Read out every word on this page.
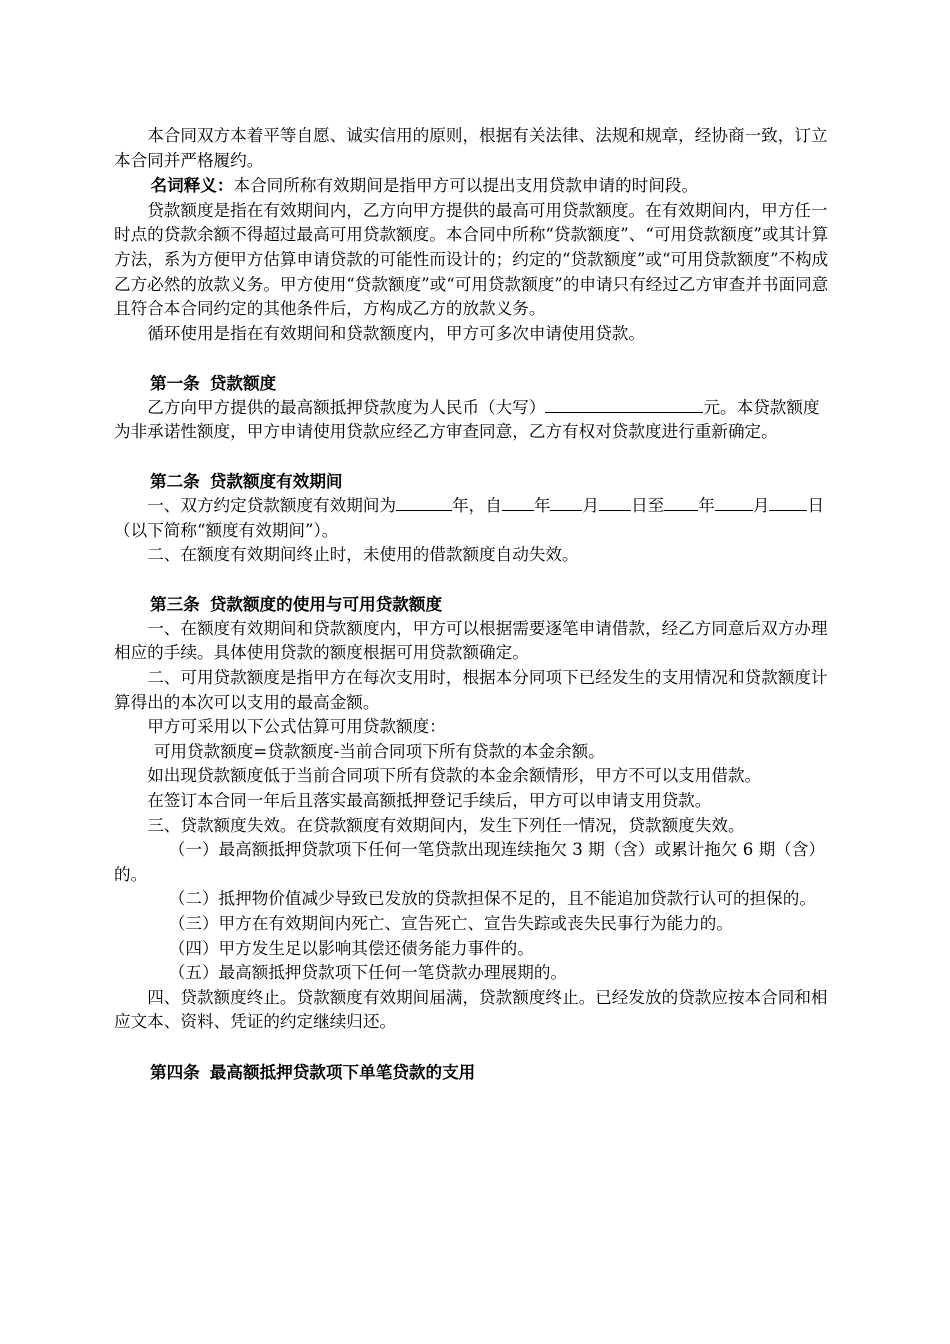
本合同双方本着平等自愿、诚实信用的原则，根据有关法律、法规和规章，经协商一致，订立本合同并严格履约。

名词释义：本合同所称有效期间是指甲方可以提出支用贷款申请的时间段。

贷款额度是指在有效期间内，乙方向甲方提供的最高可用贷款额度。在有效期间内，甲方任一时点的贷款余额不得超过最高可用贷款额度。本合同中所称“贷款额度”、“可用贷款额度”或其计算方法，系为方便甲方估算申请贷款的可能性而设计的；约定的“贷款额度”或“可用贷款额度”不构成乙方必然的放款义务。甲方使用“贷款额度”或“可用贷款额度”的申请只有经过乙方审查并书面同意且符合本合同约定的其他条件后，方构成乙方的放款义务。

循环使用是指在有效期间和贷款额度内，甲方可多次申请使用贷款。

第一条 贷款额度

乙方向甲方提供的最高额抵押贷款度为人民币（大写）	元。本贷款额度为非承诺性额度，甲方申请使用贷款应经乙方审查同意，乙方有权对贷款度进行重新确定。

第二条 贷款额度有效期间

一、双方约定贷款额度有效期间为	年，自 年 月 日至 年 月 日（以下简称“额度有效期间”）。

二、在额度有效期间终止时，未使用的借款额度自动失效。

第三条 贷款额度的使用与可用贷款额度

一、在额度有效期间和贷款额度内，甲方可以根据需要逐笔申请借款，经乙方同意后双方办理相应的手续。具体使用贷款的额度根据可用贷款额确定。

二、可用贷款额度是指甲方在每次支用时，根据本分同项下已经发生的支用情况和贷款额度计算得出的本次可以支用的最高金额。

甲方可采用以下公式估算可用贷款额度：

可用贷款额度=贷款额度-当前合同项下所有贷款的本金余额。

如出现贷款额度低于当前合同项下所有贷款的本金余额情形，甲方不可以支用借款。

在签订本合同一年后且落实最高额抵押登记手续后，甲方可以申请支用贷款。

三、贷款额度失效。在贷款额度有效期间内，发生下列任一情况，贷款额度失效。

（一）最高额抵押贷款项下任何一笔贷款出现连续拖欠 3 期（含）或累计拖欠 6 期（含）的。

（二）抵押物价值减少导致已发放的贷款担保不足的，且不能追加贷款行认可的担保的。

（三）甲方在有效期间内死亡、宣告死亡、宣告失踪或丧失民事行为能力的。

（四）甲方发生足以影响其偿还债务能力事件的。

（五）最高额抵押贷款项下任何一笔贷款办理展期的。

四、贷款额度终止。贷款额度有效期间届满，贷款额度终止。已经发放的贷款应按本合同和相应文本、资料、凭证的约定继续归还。

第四条 最高额抵押贷款项下单笔贷款的支用
